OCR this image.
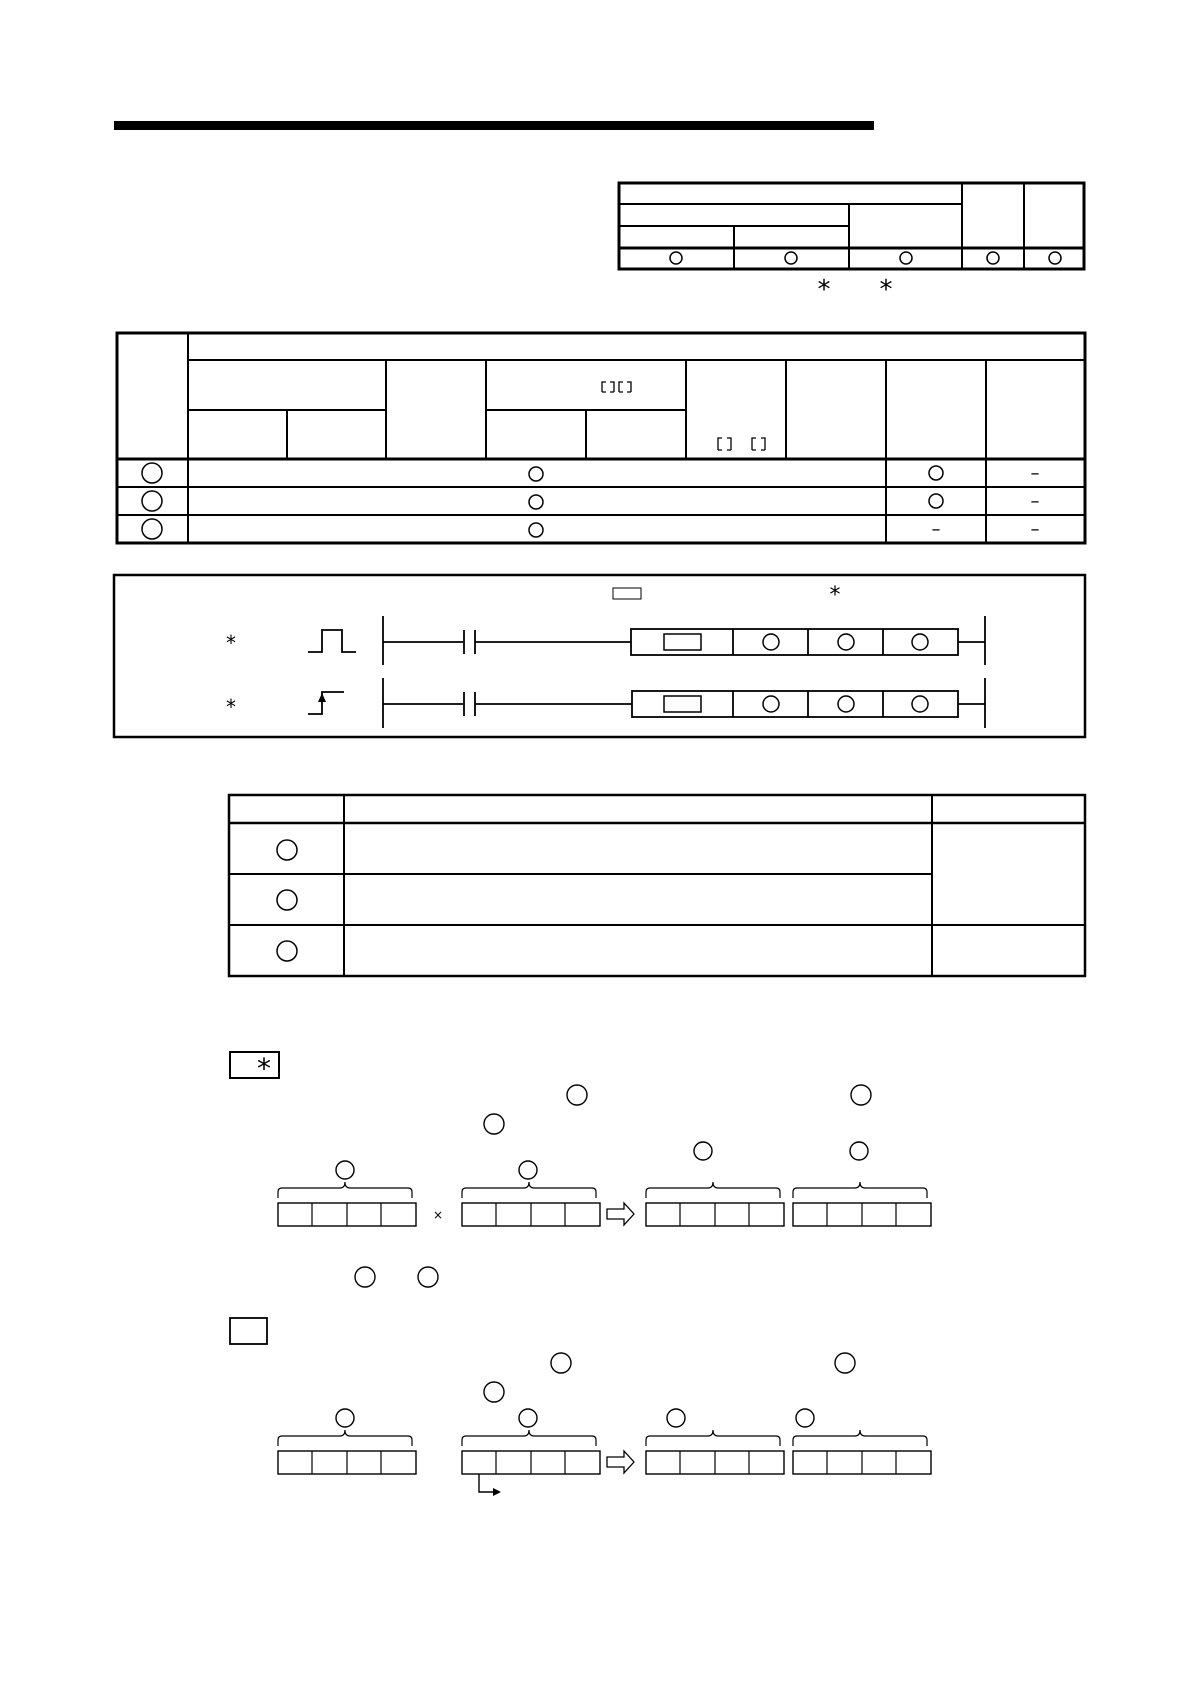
* *
–
–
–	–
*
*
*
*
×
